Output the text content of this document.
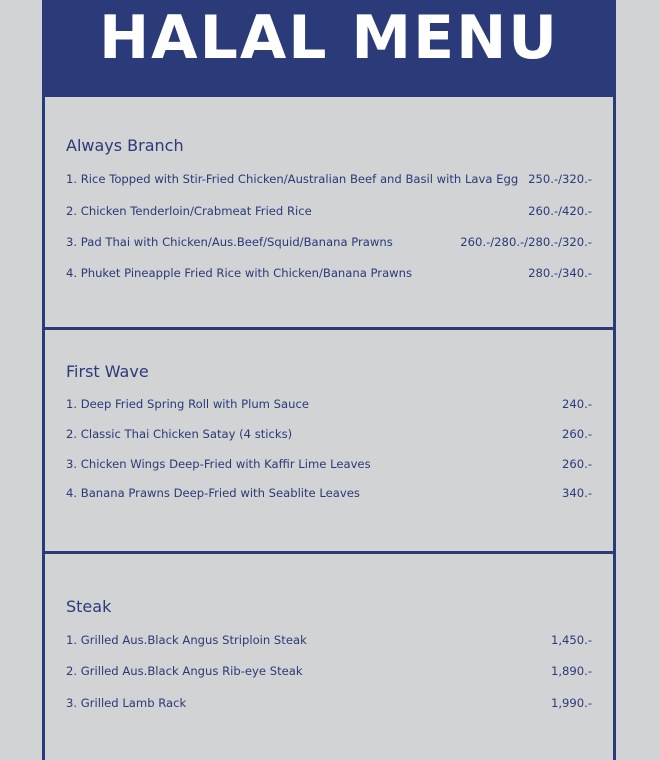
HALAL MENU
Always Branch
1. Rice Topped with Stir-Fried Chicken/Australian Beef and Basil with Lava Egg 250.-/320.-
2. Chicken Tenderloin/Crabmeat Fried Rice	260.-/420.-
3. Pad Thai with Chicken/Aus.Beef/Squid/Banana Prawns	260.-/280.-/280.-/320.-
4. Phuket Pineapple Fried Rice with Chicken/Banana Prawns	280.-/340.-
First Wave
1. Deep Fried Spring Roll with Plum Sauce	240.-
2. Classic Thai Chicken Satay (4 sticks)	260.-
3. Chicken Wings Deep-Fried with Kaffir Lime Leaves	260.-
4. Banana Prawns Deep-Fried with Seablite Leaves	340.-
Steak
1. Grilled Aus.Black Angus Striploin Steak	1,450.-
2. Grilled Aus.Black Angus Rib-eye Steak	1,890.-
3. Grilled Lamb Rack	1,990.-
